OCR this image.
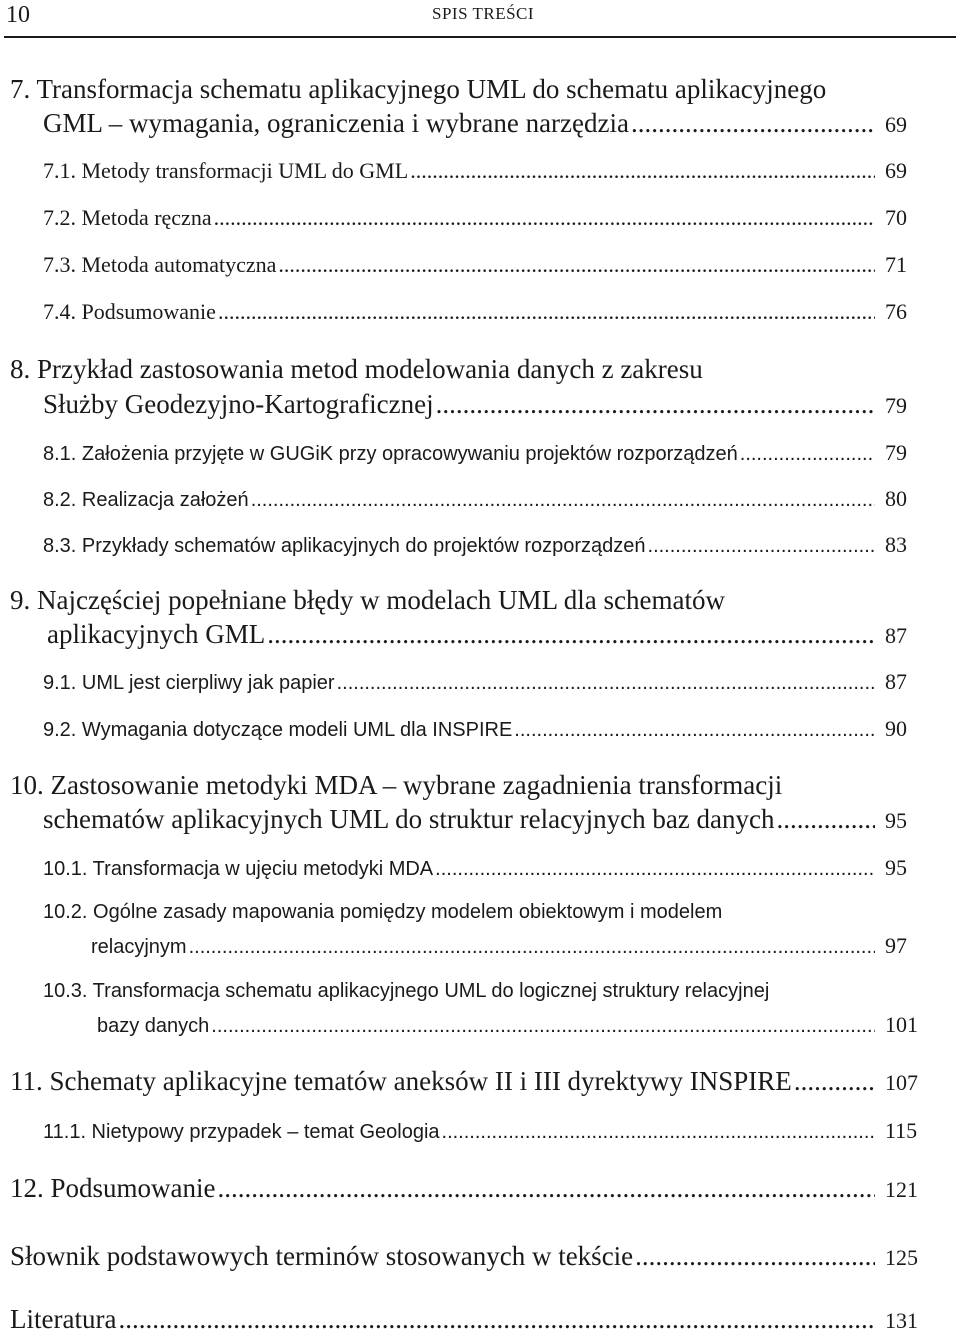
10	SPIS TREŚCI
7. Transformacja schematu aplikacyjnego UML do schematu aplikacyjnego
GML – wymagania, ograniczenia i wybrane narzędzia .....	69
7.1. Metody transformacji UML do GML .....	69
7.2. Metoda ręczna .....	70
7.3. Metoda automatyczna .....	71
7.4. Podsumowanie .....	76
8. Przykład zastosowania metod modelowania danych z zakresu
Służby Geodezyjno-Kartograficznej .....	79
8.1. Założenia przyjęte w GUGiK przy opracowywaniu projektów rozporządzeń .....	79
8.2. Realizacja założeń .....	80
8.3. Przykłady schematów aplikacyjnych do projektów rozporządzeń .....	83
9. Najczęściej popełniane błędy w modelach UML dla schematów
aplikacyjnych GML .....	87
9.1. UML jest cierpliwy jak papier .....	87
9.2. Wymagania dotyczące modeli UML dla INSPIRE .....	90
10. Zastosowanie metodyki MDA – wybrane zagadnienia transformacji
schematów aplikacyjnych UML do struktur relacyjnych baz danych .....	95
10.1. Transformacja w ujęciu metodyki MDA .....	95
10.2. Ogólne zasady mapowania pomiędzy modelem obiektowym i modelem
relacyjnym .....	97
10.3. Transformacja schematu aplikacyjnego UML do logicznej struktury relacyjnej
bazy danych .....	101
11. Schematy aplikacyjne tematów aneksów II i III dyrektywy INSPIRE .....	107
11.1. Nietypowy przypadek – temat Geologia .....	115
12. Podsumowanie .....	121
Słownik podstawowych terminów stosowanych w tekście .....	125
Literatura .....	131
